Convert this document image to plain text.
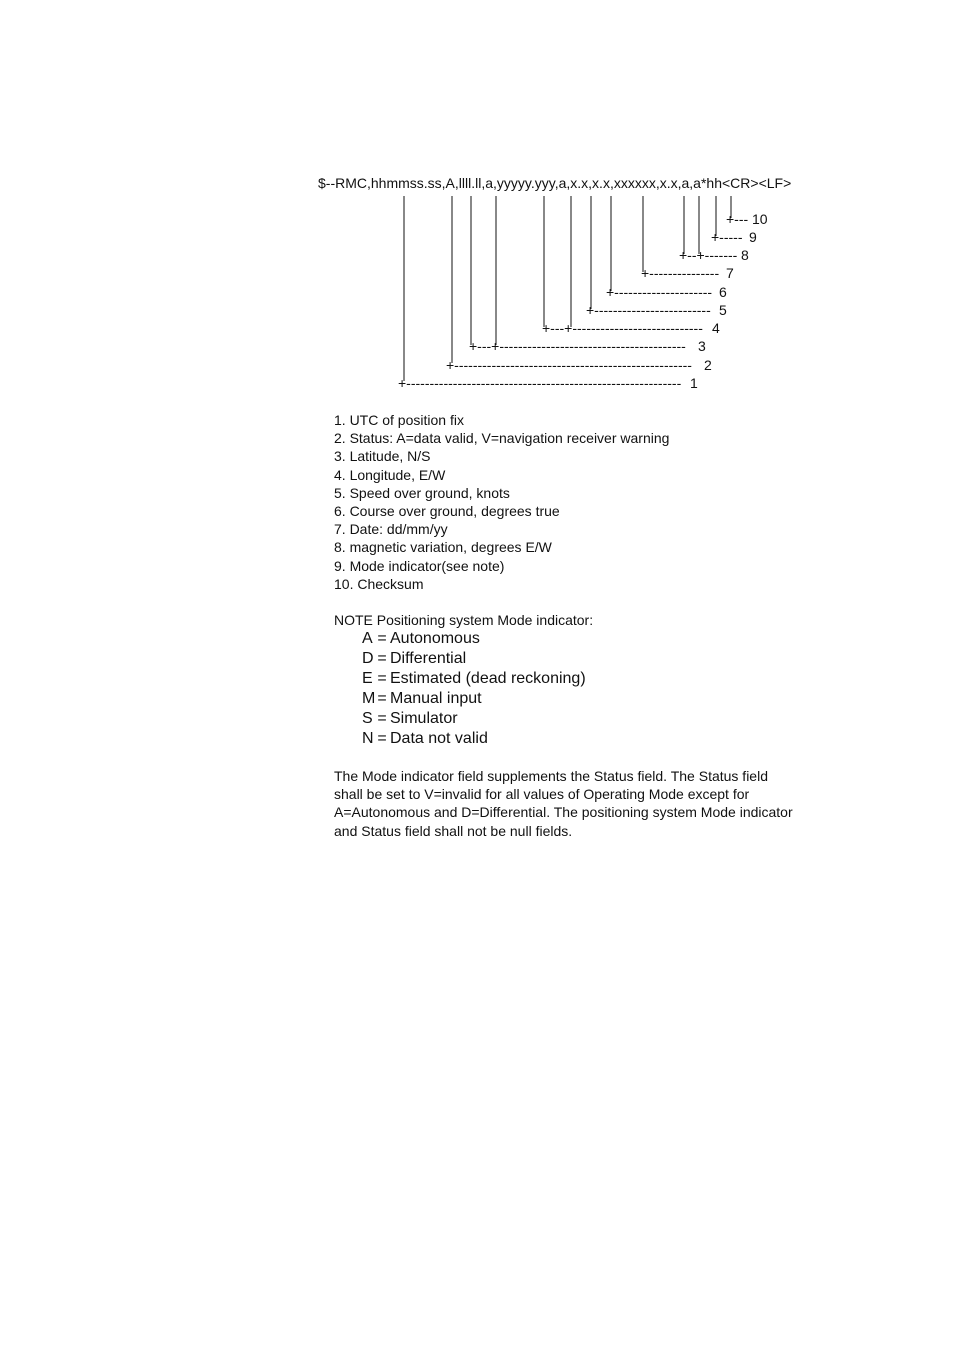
$--RMC,hhmmss.ss,A,llll.ll,a,yyyyy.yyy,a,x.x,x.x,xxxxxx,x.x,a,a*hh<CR><LF>

+---
+-----
+--+-------
+---------------
+---------------------
+-------------------------
+---+----------------------------
+---+----------------------------------------
+---------------------------------------------------
+-----------------------------------------------------------
10
9
8
7
6
5
4
3
2
1
1. UTC of position fix
2. Status: A=data valid, V=navigation receiver warning
3. Latitude, N/S
4. Longitude, E/W
5. Speed over ground, knots
6. Course over ground, degrees true
7. Date: dd/mm/yy
8. magnetic variation, degrees E/W
9. Mode indicator(see note)
10. Checksum

NOTE Positioning system Mode indicator:

A = Autonomous
D = Differential
E = Estimated (dead reckoning)
M = Manual input
S = Simulator
N = Data not valid

The Mode indicator field supplements the Status field. The Status field
shall be set to V=invalid for all values of Operating Mode except for
A=Autonomous and D=Differential. The positioning system Mode indicator
and Status field shall not be null fields.
